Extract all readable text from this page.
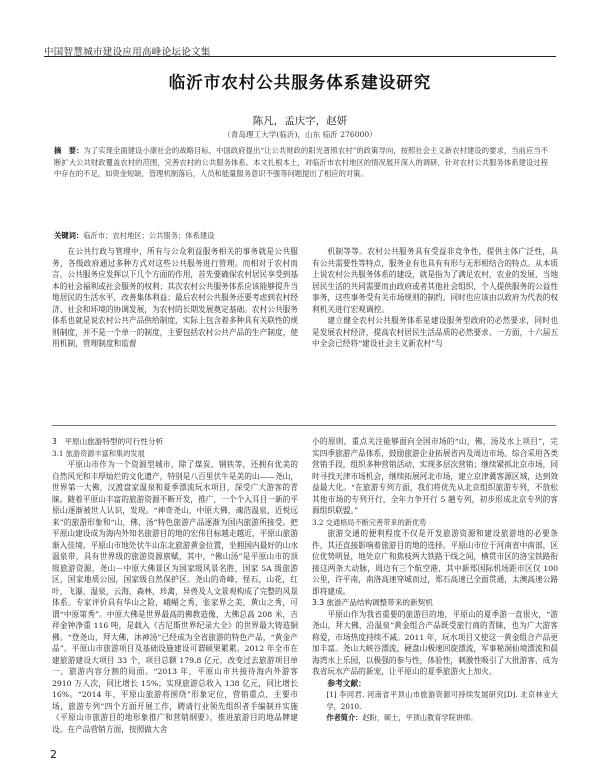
中国智慧城市建设应用高峰论坛论文集
临沂市农村公共服务体系建设研究
陈凡，孟庆字，赵妍
（青岛理工大学(临沂)，山东 临沂 276000）
摘　要：为了实现全面建设小康社会的战略目标，中国政府提出“让公共财政的阳光普照农村”的政策导向，按照社会主义新农村建设的要求，当前应当不断扩大公共财政覆盖农村的范围，完善农村的公共服务体系。本文扎根本土，对临沂市农村地区的情况展开深入的调研，针对农村公共服务体系建设过程中存在的不足，如资金短缺，管理机制落后，人员和能量服务意识不强等问题提出了相应的对策。
关键词：临沂市；农村地区；公共服务；体系建设

在公共行政与管理中，所有与公众利益服务相关的事务就是公共服务，各级政府通过多种方式对这些公共服务进行管理。而相对于农村而言，公共服务应发挥以下几个方面的作用，首先要确保农村居民享受到基本的社会福利或社会服务的权利；其次农村公共服务体系应该能够提升当地居民的生活水平，改善集体利益；最后农村公共服务还要考虑到农村经济、社会和环境的协调发展，为农村的长期发展奠定基础。农村公共服务体系也就是说农村公共产品供给制度，实际上包含着多种具有关联性的规则制度，并不是一个单一的制度，主要包括农村公共产品的生产制度，使用机制，管理制度和监督

机制等等。农村公共服务具有受益非竞争性，提供主体广泛性，具有公共需要性等特点，服务业有也具有有形与无形相结合的特点。从本质上说农村公共服务体系的建设，就是指为了满足农村，农业的发展，当地居民生活的共同需要而由政府或者其他社会组织，个人提供服务的公益性事务，这些事务受有关市场规则的制约，同时也应该由以政府为代表的权利机关进行宏观调控。

建立健全农村公共服务体系是建设服务型政府的必然要求，同时也是发展农村经济，提高农村居民生活品质的必然要求。一方面，十六届五中全会已经将“建设社会主义新农村”与

3　平原山旅游特型的可行性分析

3.1 旅游资源丰富和集的发展

平原山市作为一个资源型城市，除了煤炭、钢铁等，还拥有优美的自然风光和丰厚灿烂的文化遗产，特别是八百里伏牛是美的山——尧山，世界第一大佛，汉渡盘家温泉和夏季漂流玩水项目，深受广大游客的青睐。随着平原山丰富的旅游资源不断开发，推广，一个个入耳目一新的平原山逐渐被世人认识，发现。“神奇尧山，中原大佛，魂浩温泉，近悦远来”的旅游形象和“山，佛，汤”特色旅游产品逐渐为国内旅游所接受。把平原山建设成为海内外知名旅游目的地的宏伟目标越走越近，平原山旅游渐入佳境。平原山市地处伏牛山东北旅游黄金位置，坐拥国内最好的山水温泉带，具有世界级的旅游资源禀赋，其中，“佛山汤”是平原山市的顶级旅游资源，尧山－中原大佛景区为国家级风景名胜，国家 5A 级旅游区，国家地质公园，国家级自然保护区。尧山的奇峰，怪石，山花，红叶，飞瀑，温泉，云海，森林，珍禽，异兽及人文景观构成了完整的风景体系。专家评价具有华山之险，峨嵋之秀，张家界之美，黄山之秀，可谓“中原第秀”。中原大佛是世界最高的佛教造像，大佛总高 208 米，吉祥金钟净重 116 吨，是载入《吉尼斯世界纪录大全》的世界最大铸造铜佛。“登尧山，拜大佛，沐神汤”已经成为全省旅游的特色产品，“黄金产品”。平原山市旅游项目及基础设施建设可谓硕果累累。2012 年全市在建旅游建设大项目 33 个，项目总额 179.8 亿元，改变过去旅游项目单一，旅游内容分割的局面。“2013 年，平原山市共接待海内外游客 2910 万人次，同比增长 15%；实现旅游总收入 138 亿元，同比增长 16%。“2014 年，平原山旅游将围绕”形象定位，营销重点，主要市场，旅游专列”四个方面开展工作，聘请行业领先组织者手编制并实施《平原山市旅游目的地形象推广和营销纲要》，推进旅游目的地品牌建设。在产品营销方面，按照做大舍

小的原则，重点关注能够面向全国市场的“山，佛，汤及水上项目”，完实四季旅游产品体系，鼓励旅游企业拓展省内及周边市场。综合采用各类营销手段，组织多种营销活动，实现多层次营销；继续紧抓北京市场，同时寻找天津市场机会，继续拓展河北市场，建立京津冀客源区域，达到效益最大化。“在旅游专列方面，我们将优先从北京组织旅游专列，不放松其他市场的专列开行，全年力争开行 5 趟专列，初步形成北京专列的客源组织联盟。”

3.2 交通格局不断完善带来的新优势

旅游交通的便利程度不仅是开发旅游资源和建设旅游地的必要条件，其还直接影响着旅游目的地的选择。平原山市位于河南省中南部，区位优势明显，地处京广和焦枝两大铁路干线之间，横贯市区的洛宝铁路衔接这两条大动脉，周边有三个航空港，其中新郑国际机场距市区仅 100 公里，许平南，南洛高速穿城而过，郑石高速已全面贯通，太澳高速公路即将建成。

3.3 旅游产品结构调整带来的新契机

平原山作为我省重要的旅游目的地，平原山的夏季游一直很火，“游尧山，拜大佛，沿温泉”黄金组合产品既受旅行商的青睐，也为广大游客称爱，市场热度持续不减。2011 年，玩水项目又使这一黄金组合产品更加丰富。尧山大峡谷漂流，硬盘山极速回旋漂流，军事秘洞仙境漂流和晨海湾水上乐园，以极强的参与性，体验性，刺激性吸引了大批游客，成为我省玩水产品的新宠，让平原山的夏季旅游火上加火。

参考文献：

[1] 李同君. 河南省平顶山市旅游资源可持续发展研究[D]. 北京林业大学，2010.

作者简介：赵盼，硕士，平顶山教育学院讲师。

2
